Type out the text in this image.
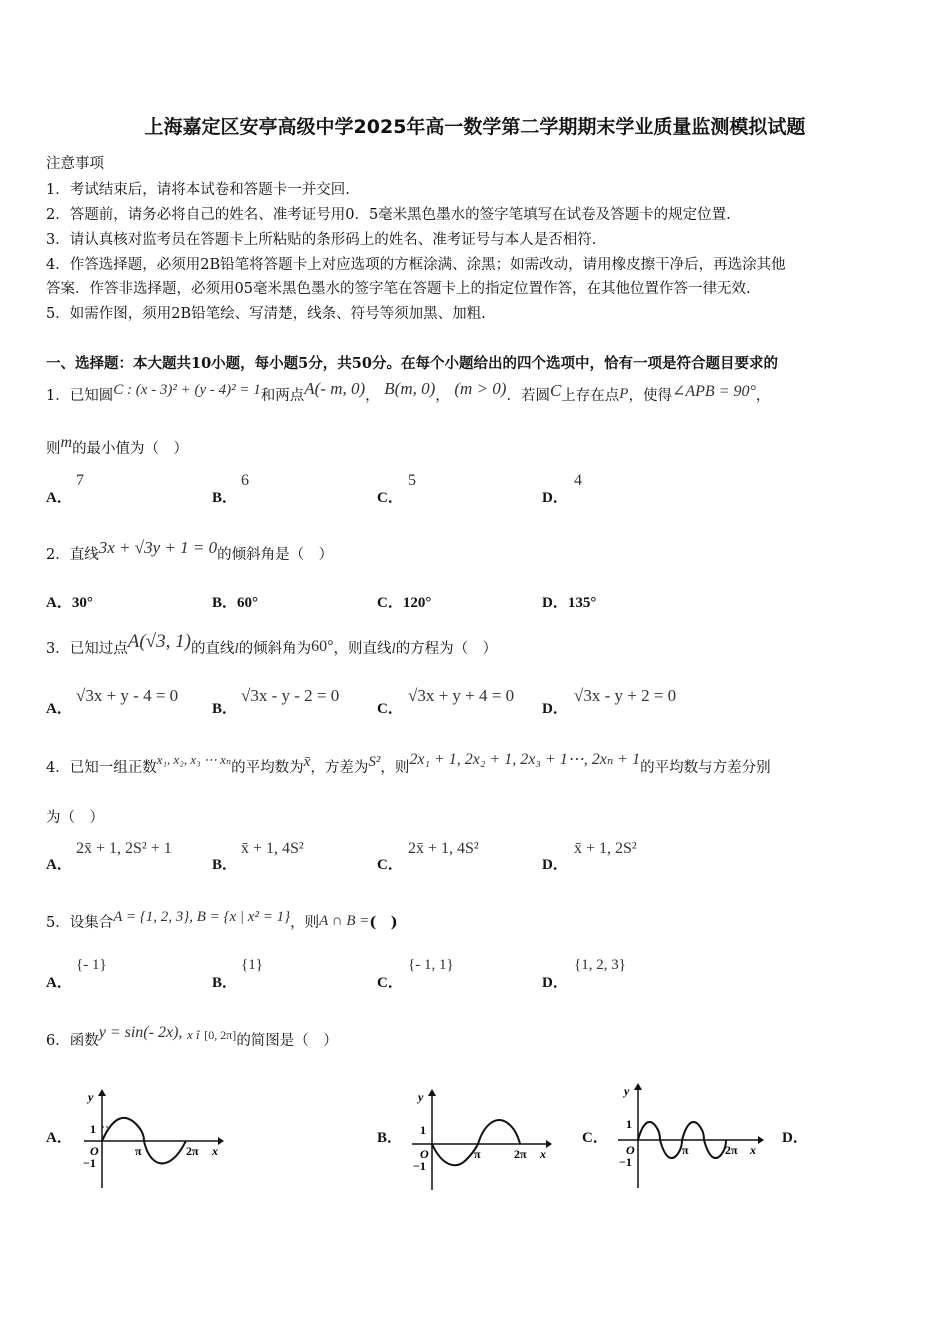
上海嘉定区安亭高级中学2025年高一数学第二学期期末学业质量监测模拟试题
注意事项
1．考试结束后，请将本试卷和答题卡一并交回.
2．答题前，请务必将自己的姓名、准考证号用0．5毫米黑色墨水的签字笔填写在试卷及答题卡的规定位置.
3．请认真核对监考员在答题卡上所粘贴的条形码上的姓名、准考证号与本人是否相符.
4．作答选择题，必须用2B铅笔将答题卡上对应选项的方框涂满、涂黑；如需改动，请用橡皮擦干净后，再选涂其他
答案．作答非选择题，必须用05毫米黑色墨水的签字笔在答题卡上的指定位置作答，在其他位置作答一律无效.
5．如需作图，须用2B铅笔绘、写清楚，线条、符号等须加黑、加粗.
一、选择题：本大题共10小题，每小题5分，共50分。在每个小题给出的四个选项中，恰有一项是符合题目要求的
1．已知圆C : (x - 3)² + (y - 4)² = 1和两点A(- m, 0)， B(m, 0)， (m > 0)．若圆C上存在点P，使得∠APB = 90°，
则m的最小值为（　）
A．
7
B．
6
C．
5
D．
4
2．直线3x + √3y + 1 = 0的倾斜角是（　）
A．30°	B．60°	C．120°	D．135°
3．已知过点A(√3, 1)的直线l的倾斜角为60°，则直线l的方程为（　）
A．
√3x + y - 4 = 0
B．
√3x - y - 2 = 0
C．
√3x + y + 4 = 0
D．
√3x - y + 2 = 0
4．已知一组正数x₁, x₂, x₃ ⋯ xₙ的平均数为x̄，方差为S²，则2x₁ + 1, 2x₂ + 1, 2x₃ + 1⋯, 2xₙ + 1的平均数与方差分别
为（　）
A．
2x̄ + 1, 2S² + 1
B．
x̄ + 1, 4S²
C．
2x̄ + 1, 4S²
D．
x̄ + 1, 2S²
5．设集合A = {1, 2, 3}, B = {x | x² = 1}，则A ∩ B =(　)
A．
{- 1}
B．
{1}
C．
{- 1, 1}
D．
{1, 2, 3}
6．函数y = sin(- 2x), x î [0, 2π]的简图是（　）
A．	B．	C．	D．
y
1
−1
O	π	2π x
y
1
−1
O	π	2π x
y
1
−1
O	π	2π x
